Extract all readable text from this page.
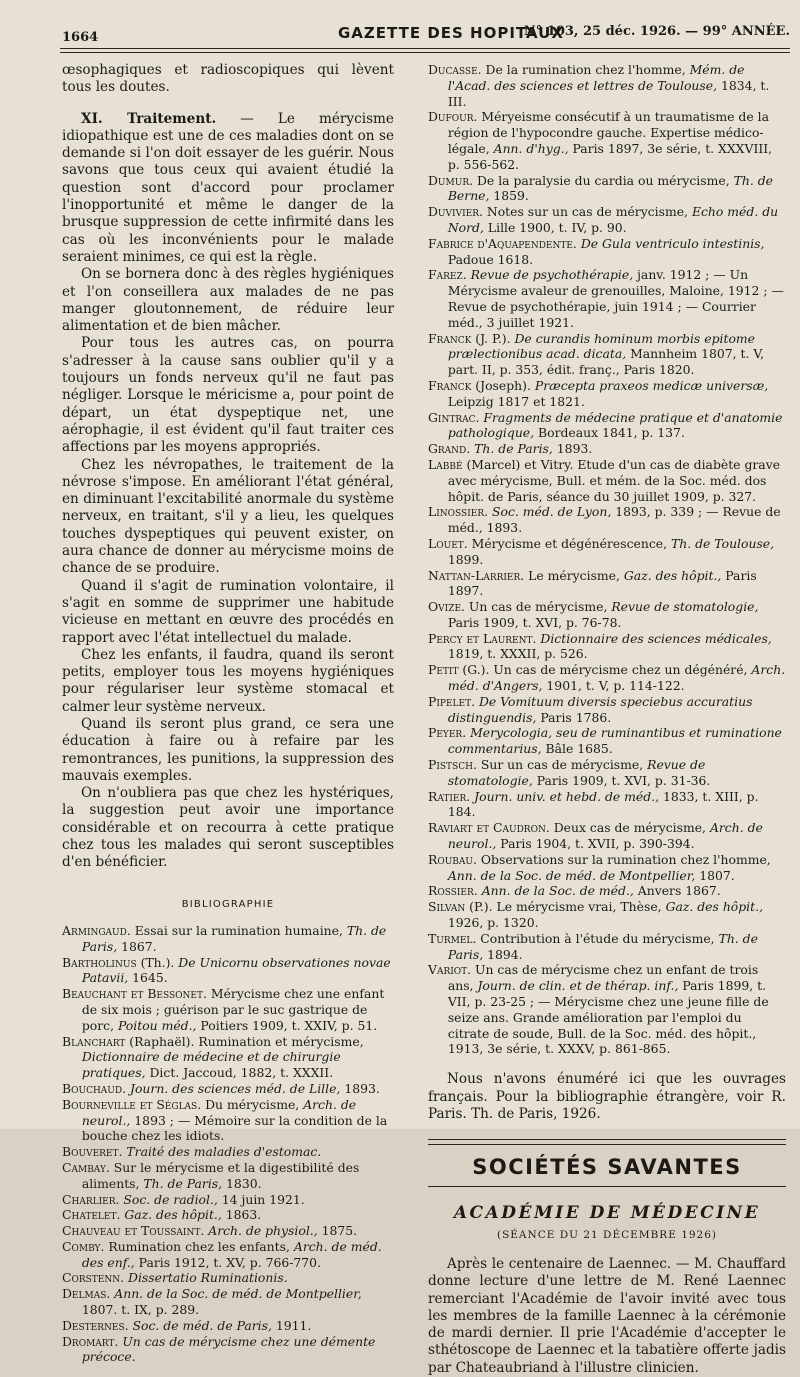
1664	GAZETTE DES HOPITAUX
N° 103, 25 déc. 1926. — 99° ANNÉE.

œsophagiques et radioscopiques qui lèvent tous les doutes.

XI. Traitement. — Le mérycisme idiopathique est une de ces maladies dont on se demande si l'on doit essayer de les guérir. Nous savons que tous ceux qui avaient étudié la question sont d'accord pour proclamer l'inopportunité et même le danger de la brusque suppression de cette infirmité dans les cas où les inconvénients pour le malade seraient minimes, ce qui est la règle.

On se bornera donc à des règles hygiéniques et l'on conseillera aux malades de ne pas manger gloutonnement, de réduire leur alimentation et de bien mâcher.

Pour tous les autres cas, on pourra s'adresser à la cause sans oublier qu'il y a toujours un fonds nerveux qu'il ne faut pas négliger. Lorsque le méricisme a, pour point de départ, un état dyspeptique net, une aérophagie, il est évident qu'il faut traiter ces affections par les moyens appropriés.

Chez les névropathes, le traitement de la névrose s'impose. En améliorant l'état général, en diminuant l'excitabilité anormale du système nerveux, en traitant, s'il y a lieu, les quelques touches dyspeptiques qui peuvent exister, on aura chance de donner au mérycisme moins de chance de se produire.

Quand il s'agit de rumination volontaire, il s'agit en somme de supprimer une habitude vicieuse en mettant en œuvre des procédés en rapport avec l'état intellectuel du malade.

Chez les enfants, il faudra, quand ils seront petits, employer tous les moyens hygiéniques pour régulariser leur système stomacal et calmer leur système nerveux.

Quand ils seront plus grand, ce sera une éducation à faire ou à refaire par les remontrances, les punitions, la suppression des mauvais exemples.

On n'oubliera pas que chez les hystériques, la suggestion peut avoir une importance considérable et on recourra à cette pratique chez tous les malades qui seront susceptibles d'en bénéficier.

BIBLIOGRAPHIE

Armingaud. Essai sur la rumination humaine, Th. de Paris, 1867.

Bartholinus (Th.). De Unicornu observationes novae Patavii, 1645.

Beauchant et Bessonet. Mérycisme chez une enfant de six mois ; guérison par le suc gastrique de porc, Poitou méd., Poitiers 1909, t. XXIV, p. 51.

Blanchart (Raphaël). Rumination et mérycisme, Dictionnaire de médecine et de chirurgie pratiques, Dict. Jaccoud, 1882, t. XXXII.

Bouchaud. Journ. des sciences méd. de Lille, 1893.

Bourneville et Séglas. Du mérycisme, Arch. de neurol., 1893 ; — Mémoire sur la condition de la bouche chez les idiots.

Bouveret. Traité des maladies d'estomac.

Cambay. Sur le mérycisme et la digestibilité des aliments, Th. de Paris, 1830.

Charlier. Soc. de radiol., 14 juin 1921.

Chatelet. Gaz. des hôpit., 1863.

Chauveau et Toussaint. Arch. de physiol., 1875.

Comby. Rumination chez les enfants, Arch. de méd. des enf., Paris 1912, t. XV, p. 766-770.

Corstenn. Dissertatio Ruminationis.

Delmas. Ann. de la Soc. de méd. de Montpellier, 1807. t. IX, p. 289.

Desternes. Soc. de méd. de Paris, 1911.

Dromart. Un cas de mérycisme chez une démente précoce.

Ducasse. De la rumination chez l'homme, Mém. de l'Acad. des sciences et lettres de Toulouse, 1834, t. III.

Dufour. Méryeisme consécutif à un traumatisme de la région de l'hypocondre gauche. Expertise médico-légale, Ann. d'hyg., Paris 1897, 3e série, t. XXXVIII, p. 556-562.

Dumur. De la paralysie du cardia ou mérycisme, Th. de Berne, 1859.

Duvivier. Notes sur un cas de mérycisme, Echo méd. du Nord, Lille 1900, t. IV, p. 90.

Fabrice d'Aquapendente. De Gula ventriculo intestinis, Padoue 1618.

Farez. Revue de psychothérapie, janv. 1912 ; — Un Mérycisme avaleur de grenouilles, Maloine, 1912 ; — Revue de psychothérapie, juin 1914 ; — Courrier méd., 3 juillet 1921.

Franck (J. P.). De curandis hominum morbis epitome prælectionibus acad. dicata, Mannheim 1807, t. V, part. II, p. 353, édit. franç., Paris 1820.

Franck (Joseph). Præcepta praxeos medicæ universæ, Leipzig 1817 et 1821.

Gintrac. Fragments de médecine pratique et d'anatomie pathologique, Bordeaux 1841, p. 137.

Grand. Th. de Paris, 1893.

Labbé (Marcel) et Vitry. Etude d'un cas de diabète grave avec mérycisme, Bull. et mém. de la Soc. méd. dos hôpit. de Paris, séance du 30 juillet 1909, p. 327.

Linossier. Soc. méd. de Lyon, 1893, p. 339 ; — Revue de méd., 1893.

Louet. Mérycisme et dégénérescence, Th. de Toulouse, 1899.

Nattan-Larrier. Le mérycisme, Gaz. des hôpit., Paris 1897.

Ovize. Un cas de mérycisme, Revue de stomatologie, Paris 1909, t. XVI, p. 76-78.

Percy et Laurent. Dictionnaire des sciences médicales, 1819, t. XXXII, p. 526.

Petit (G.). Un cas de mérycisme chez un dégénéré, Arch. méd. d'Angers, 1901, t. V, p. 114-122.

Pipelet. De Vomituum diversis speciebus accuratius distinguendis, Paris 1786.

Peyer. Merycologia, seu de ruminantibus et ruminatione commentarius, Bâle 1685.

Pistsch. Sur un cas de mérycisme, Revue de stomatologie, Paris 1909, t. XVI, p. 31-36.

Ratier. Journ. univ. et hebd. de méd., 1833, t. XIII, p. 184.

Raviart et Caudron. Deux cas de mérycisme, Arch. de neurol., Paris 1904, t. XVII, p. 390-394.

Roubau. Observations sur la rumination chez l'homme, Ann. de la Soc. de méd. de Montpellier, 1807.

Rossier. Ann. de la Soc. de méd., Anvers 1867.

Silvan (P.). Le mérycisme vrai, Thèse, Gaz. des hôpit., 1926, p. 1320.

Turmel. Contribution à l'étude du mérycisme, Th. de Paris, 1894.

Variot. Un cas de mérycisme chez un enfant de trois ans, Journ. de clin. et de thérap. inf., Paris 1899, t. VII, p. 23-25 ; — Mérycisme chez une jeune fille de seize ans. Grande amélioration par l'emploi du citrate de soude, Bull. de la Soc. méd. des hôpit., 1913, 3e série, t. XXXV, p. 861-865.

Nous n'avons énuméré ici que les ouvrages français. Pour la bibliographie étrangère, voir R. Paris. Th. de Paris, 1926.

SOCIÉTÉS SAVANTES
ACADÉMIE DE MÉDECINE
(SÉANCE DU 21 DÉCEMBRE 1926)

Après le centenaire de Laennec. — M. Chauffard donne lecture d'une lettre de M. René Laennec remerciant l'Académie de l'avoir invité avec tous les membres de la famille Laennec à la cérémonie de mardi dernier. Il prie l'Académie d'accepter le sthétoscope de Laennec et la tabatière offerte jadis par Chateaubriand à l'illustre clinicien.
